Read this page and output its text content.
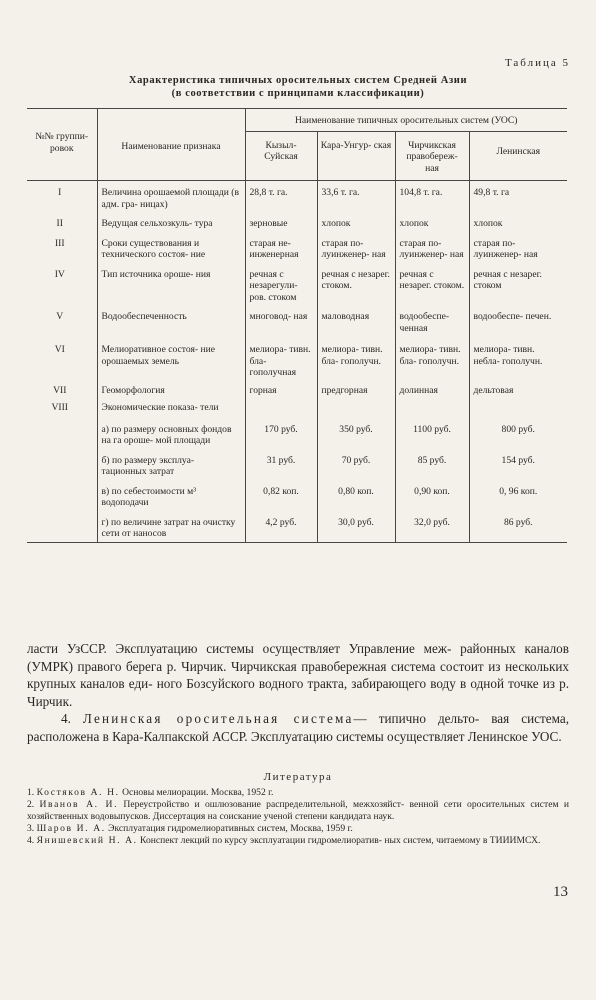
Таблица 5
Характеристика типичных оросительных систем Средней Азии
(в соответствии с принципами классификации)
№№ группи- ровок	Наименование признака	Наименование типичных оросительных систем (УОС)			
		Кызыл- Суйская	Кара-Унгур- ская	Чирчикская правобереж- ная	Ленинская
I	Величина орошаемой площади (в адм. гра- ницах)	28,8 т. га.	33,6 т. га.	104,8 т. га.	49,8 т. га
II	Ведущая сельхозкуль- тура	зерновые	хлопок	хлопок	хлопок
III	Сроки существования и технического состоя- ние	старая не- инженерная	старая по- луинженер- ная	старая по- луинженер- ная	старая по- луинженер- ная
IV	Тип источника ороше- ния	речная с незарегули- ров. стоком	речная с незарег. стоком.	речная с незарег. стоком.	речная с незарег. стоком
V	Водообеспеченность	многовод- ная	маловодная	водообеспе- ченная	водообеспе- печен.
VI	Мелиоративное состоя- ние орошаемых земель	мелиора- тивн. бла- гополучная	мелиора- тивн. бла- гополучн.	мелиора- тивн. бла- гополучн.	мелиора- тивн. небла- гополучн.
VII	Геоморфология	горная	предгорная	долинная	дельтовая
VIII	Экономические показа- тели				
	а) по размеру основных фондов на га ороше- мой площади	170 руб.	350 руб.	1100 руб.	800 руб.
	б) по размеру эксплуа- тационных затрат	31 руб.	70 руб.	85 руб.	154 руб.
	в) по себестоимости м³ водоподачи	0,82 коп.	0,80 коп.	0,90 коп.	0, 96 коп.
	г) по величине затрат на очистку сети от наносов	4,2 руб.	30,0 руб.	32,0 руб.	86 руб.

ласти УзССР. Эксплуатацию системы осуществляет Управление меж- районных каналов (УМРК) правого берега р. Чирчик. Чирчикская правобережная система состоит из нескольких крупных каналов еди- ного Бозсуйского водного тракта, забирающего воду в одной точке из р. Чирчик.

4. Ленинская оросительная система— типично дельто- вая система, расположена в Кара-Калпакской АССР. Эксплуатацию системы осуществляет Ленинское УОС.

Литература
1. Костяков А. Н. Основы мелиорации. Москва, 1952 г.
2. Иванов А. И. Переустройство и ошлюзование распределительной, межхозяйст- венной сети оросительных систем и хозяйственных водовыпусков. Диссертация на соискание ученой степени кандидата наук.
3. Шаров И. А. Эксплуатация гидромелиоративных систем, Москва, 1959 г.
4. Янишевский Н. А. Конспект лекций по курсу эксплуатации гидромелиоратив- ных систем, читаемому в ТИИИМСХ.
13
